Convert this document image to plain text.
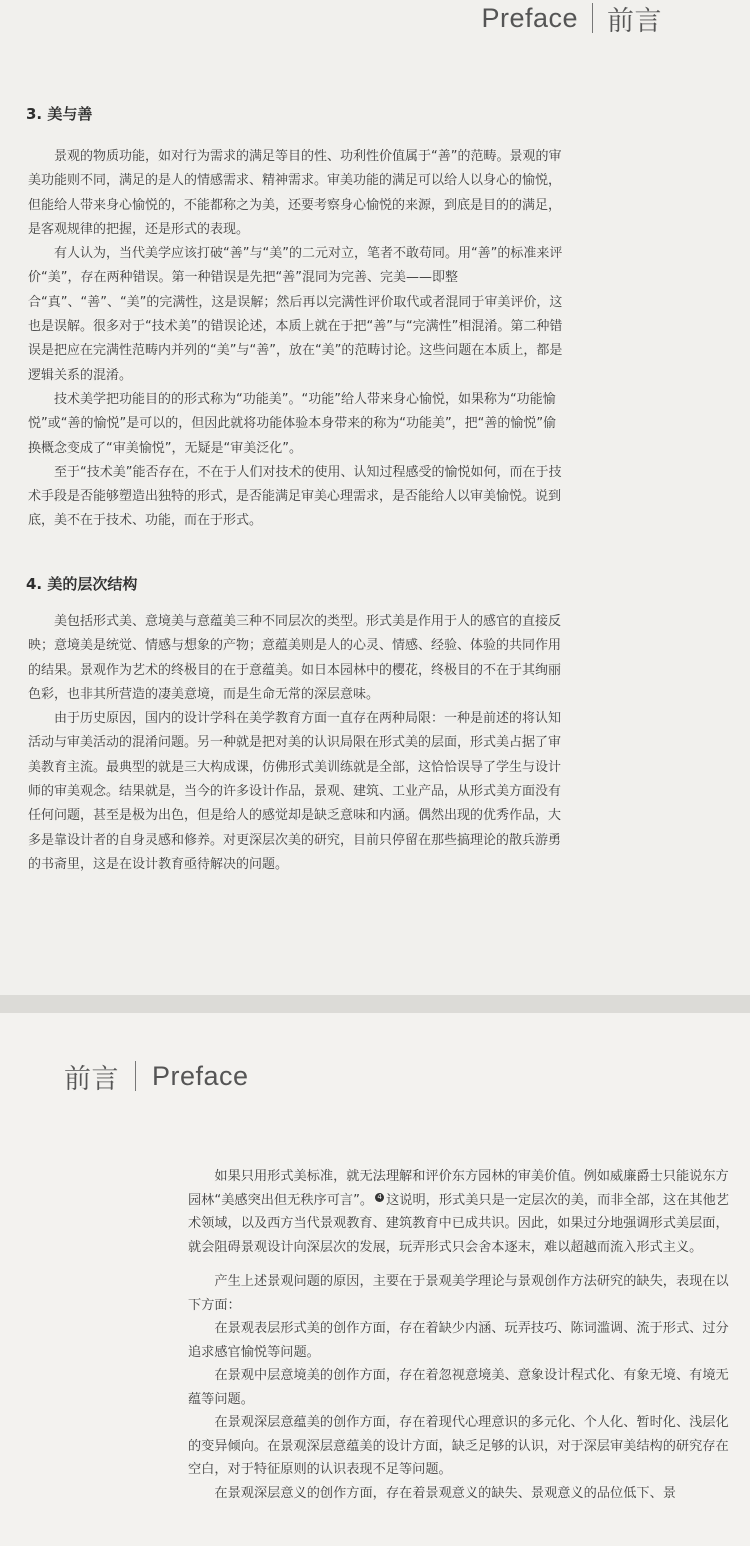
Preface 前言
3. 美与善

景观的物质功能，如对行为需求的满足等目的性、功利性价值属于“善”的范畴。景观的审美功能则不同，满足的是人的情感需求、精神需求。审美功能的满足可以给人以身心的愉悦，但能给人带来身心愉悦的，不能都称之为美，还要考察身心愉悦的来源，到底是目的的满足，是客观规律的把握，还是形式的表现。

有人认为，当代美学应该打破“善”与“美”的二元对立，笔者不敢苟同。用“善”的标准来评价“美”，存在两种错误。第一种错误是先把“善”混同为完善、完美——即整合“真”、“善”、“美”的完满性，这是误解；然后再以完满性评价取代或者混同于审美评价，这也是误解。很多对于“技术美”的错误论述，本质上就在于把“善”与“完满性”相混淆。第二种错误是把应在完满性范畴内并列的“美”与“善”，放在“美”的范畴讨论。这些问题在本质上，都是逻辑关系的混淆。

技术美学把功能目的的形式称为“功能美”。“功能”给人带来身心愉悦，如果称为“功能愉悦”或“善的愉悦”是可以的，但因此就将功能体验本身带来的称为“功能美”，把“善的愉悦”偷换概念变成了“审美愉悦”，无疑是“审美泛化”。

至于“技术美”能否存在，不在于人们对技术的使用、认知过程感受的愉悦如何，而在于技术手段是否能够塑造出独特的形式，是否能满足审美心理需求，是否能给人以审美愉悦。说到底，美不在于技术、功能，而在于形式。

4. 美的层次结构

美包括形式美、意境美与意蕴美三种不同层次的类型。形式美是作用于人的感官的直接反映；意境美是统觉、情感与想象的产物；意蕴美则是人的心灵、情感、经验、体验的共同作用的结果。景观作为艺术的终极目的在于意蕴美。如日本园林中的樱花，终极目的不在于其绚丽色彩，也非其所营造的凄美意境，而是生命无常的深层意味。

由于历史原因，国内的设计学科在美学教育方面一直存在两种局限：一种是前述的将认知活动与审美活动的混淆问题。另一种就是把对美的认识局限在形式美的层面，形式美占据了审美教育主流。最典型的就是三大构成课，仿佛形式美训练就是全部，这恰恰误导了学生与设计师的审美观念。结果就是，当今的许多设计作品，景观、建筑、工业产品，从形式美方面没有任何问题，甚至是极为出色，但是给人的感觉却是缺乏意味和内涵。偶然出现的优秀作品，大多是靠设计者的自身灵感和修养。对更深层次美的研究，目前只停留在那些搞理论的散兵游勇的书斋里，这是在设计教育亟待解决的问题。

前言 Preface

如果只用形式美标准，就无法理解和评价东方园林的审美价值。例如威廉爵士只能说东方园林“美感突出但无秩序可言”。 4 这说明，形式美只是一定层次的美，而非全部，这在其他艺术领域，以及西方当代景观教育、建筑教育中已成共识。因此，如果过分地强调形式美层面，就会阻碍景观设计向深层次的发展，玩弄形式只会舍本逐末，难以超越而流入形式主义。

产生上述景观问题的原因，主要在于景观美学理论与景观创作方法研究的缺失，表现在以下方面：

在景观表层形式美的创作方面，存在着缺少内涵、玩弄技巧、陈词滥调、流于形式、过分追求感官愉悦等问题。

在景观中层意境美的创作方面，存在着忽视意境美、意象设计程式化、有象无境、有境无蕴等问题。

在景观深层意蕴美的创作方面，存在着现代心理意识的多元化、个人化、暂时化、浅层化的变异倾向。在景观深层意蕴美的设计方面，缺乏足够的认识，对于深层审美结构的研究存在空白，对于特征原则的认识表现不足等问题。

在景观深层意义的创作方面，存在着景观意义的缺失、景观意义的品位低下、景
